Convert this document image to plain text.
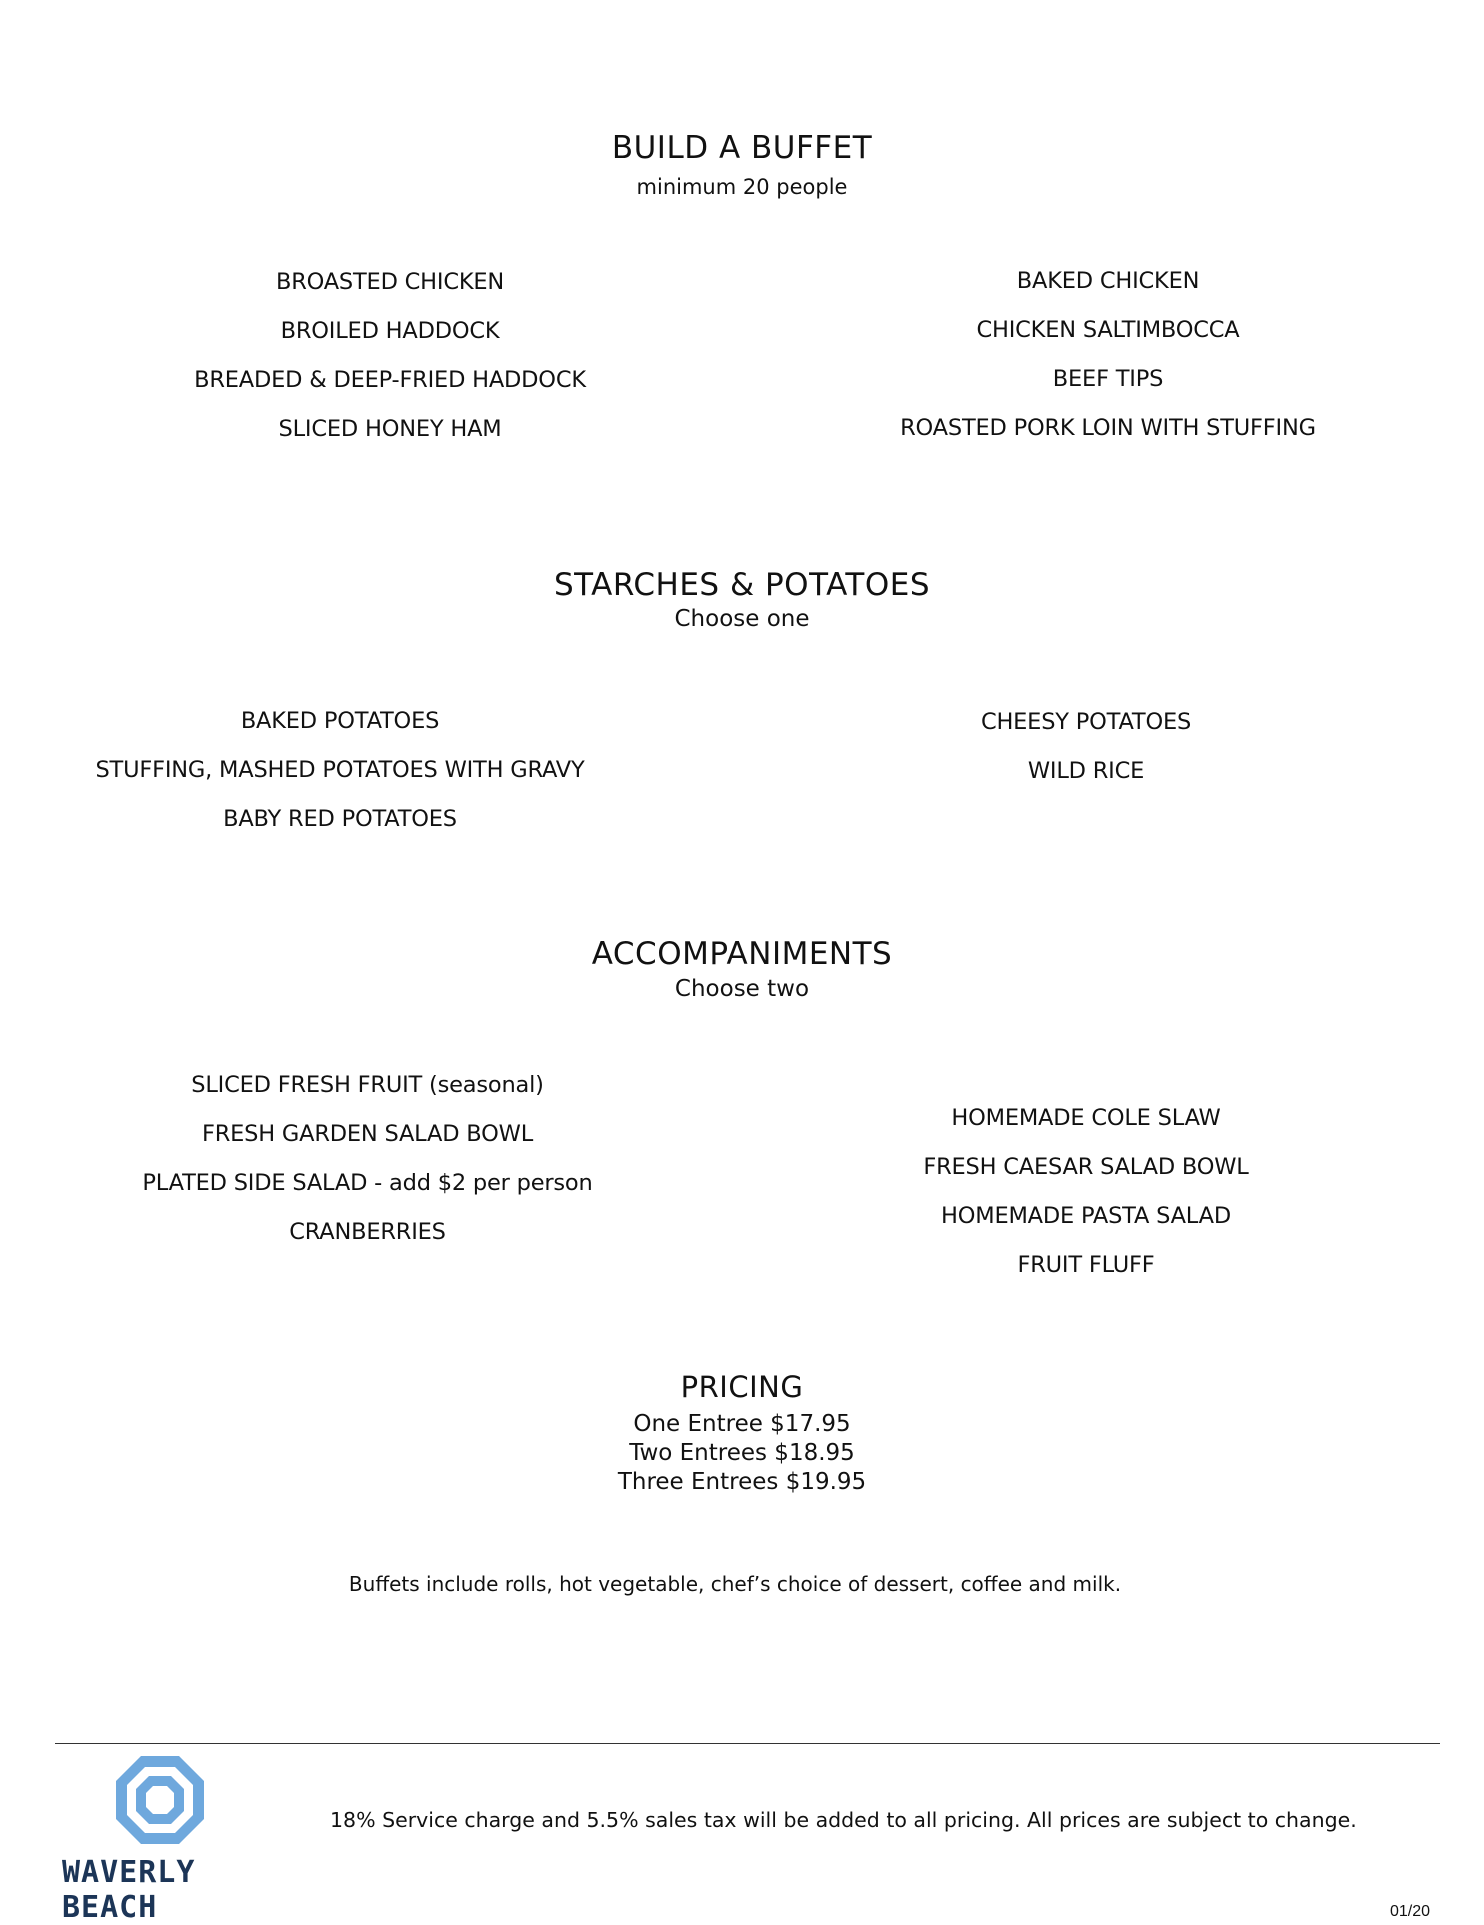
BUILD A BUFFET
minimum 20 people
BROASTED CHICKEN
BROILED HADDOCK
BREADED & DEEP-FRIED HADDOCK
SLICED HONEY HAM
BAKED CHICKEN
CHICKEN SALTIMBOCCA
BEEF TIPS
ROASTED PORK LOIN WITH STUFFING
STARCHES & POTATOES
Choose one
BAKED POTATOES
STUFFING, MASHED POTATOES WITH GRAVY
BABY RED POTATOES
CHEESY POTATOES
WILD RICE
ACCOMPANIMENTS
Choose two
SLICED FRESH FRUIT (seasonal)
FRESH GARDEN SALAD BOWL
PLATED SIDE SALAD - add $2 per person
CRANBERRIES
HOMEMADE COLE SLAW
FRESH CAESAR SALAD BOWL
HOMEMADE PASTA SALAD
FRUIT FLUFF
PRICING
One Entree $17.95
Two Entrees $18.95
Three Entrees $19.95
Buffets include rolls, hot vegetable, chef’s choice of dessert, coffee and milk.
WAVERLY BEACH
18% Service charge and 5.5% sales tax will be added to all pricing. All prices are subject to change.
01/20
